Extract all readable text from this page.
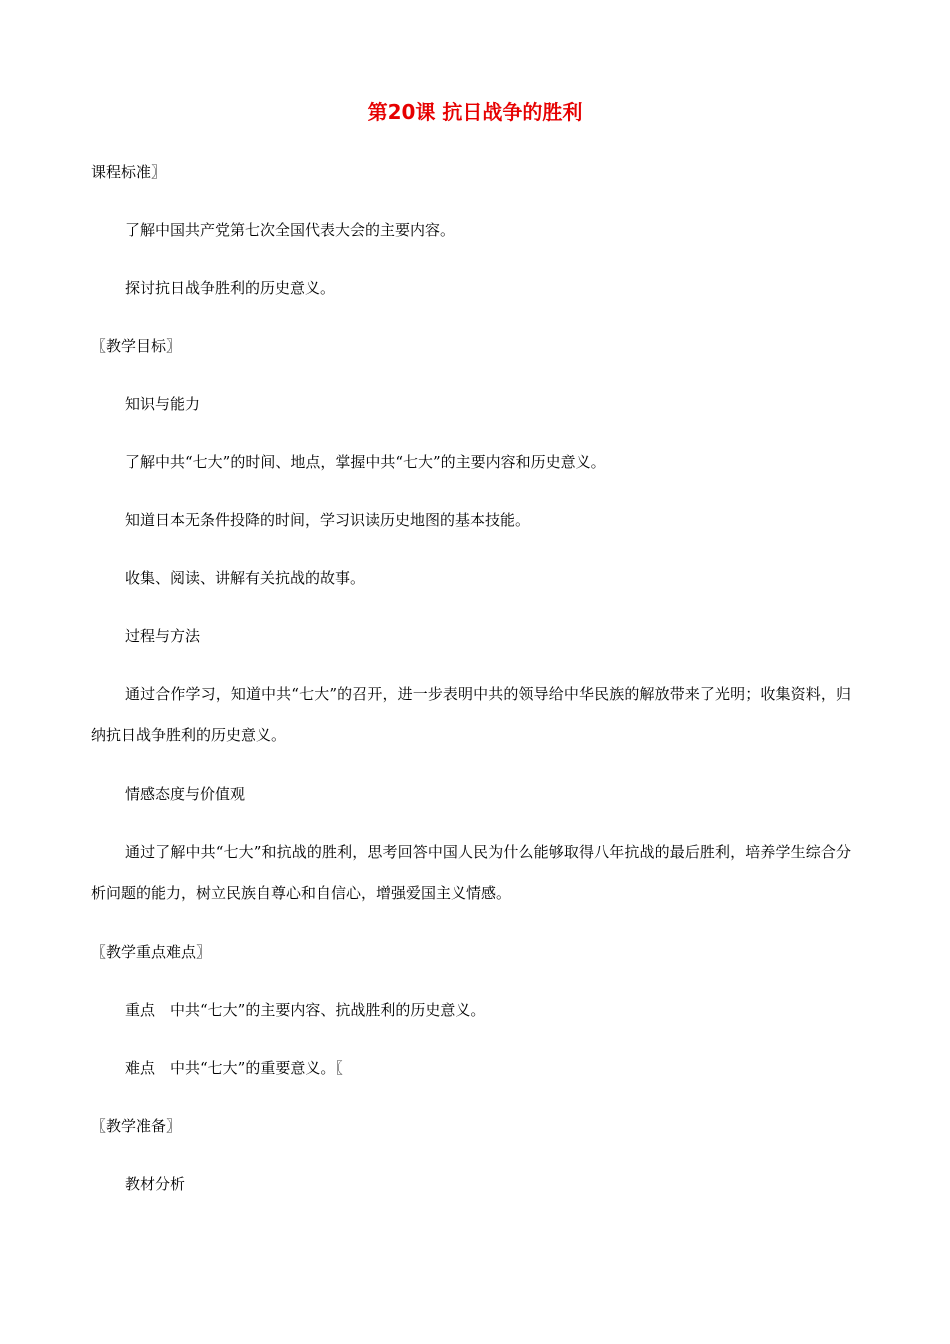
第20课 抗日战争的胜利

课程标准〗

了解中国共产党第七次全国代表大会的主要内容。

探讨抗日战争胜利的历史意义。

〖教学目标〗

知识与能力

了解中共“七大”的时间、地点，掌握中共“七大”的主要内容和历史意义。

知道日本无条件投降的时间，学习识读历史地图的基本技能。

收集、阅读、讲解有关抗战的故事。

过程与方法

通过合作学习，知道中共“七大”的召开，进一步表明中共的领导给中华民族的解放带来了光明；收集资料，归纳抗日战争胜利的历史意义。

情感态度与价值观

通过了解中共“七大”和抗战的胜利，思考回答中国人民为什么能够取得八年抗战的最后胜利，培养学生综合分析问题的能力，树立民族自尊心和自信心，增强爱国主义情感。

〖教学重点难点〗

重点　中共“七大”的主要内容、抗战胜利的历史意义。

难点　中共“七大”的重要意义。〖

〖教学准备〗

教材分析
